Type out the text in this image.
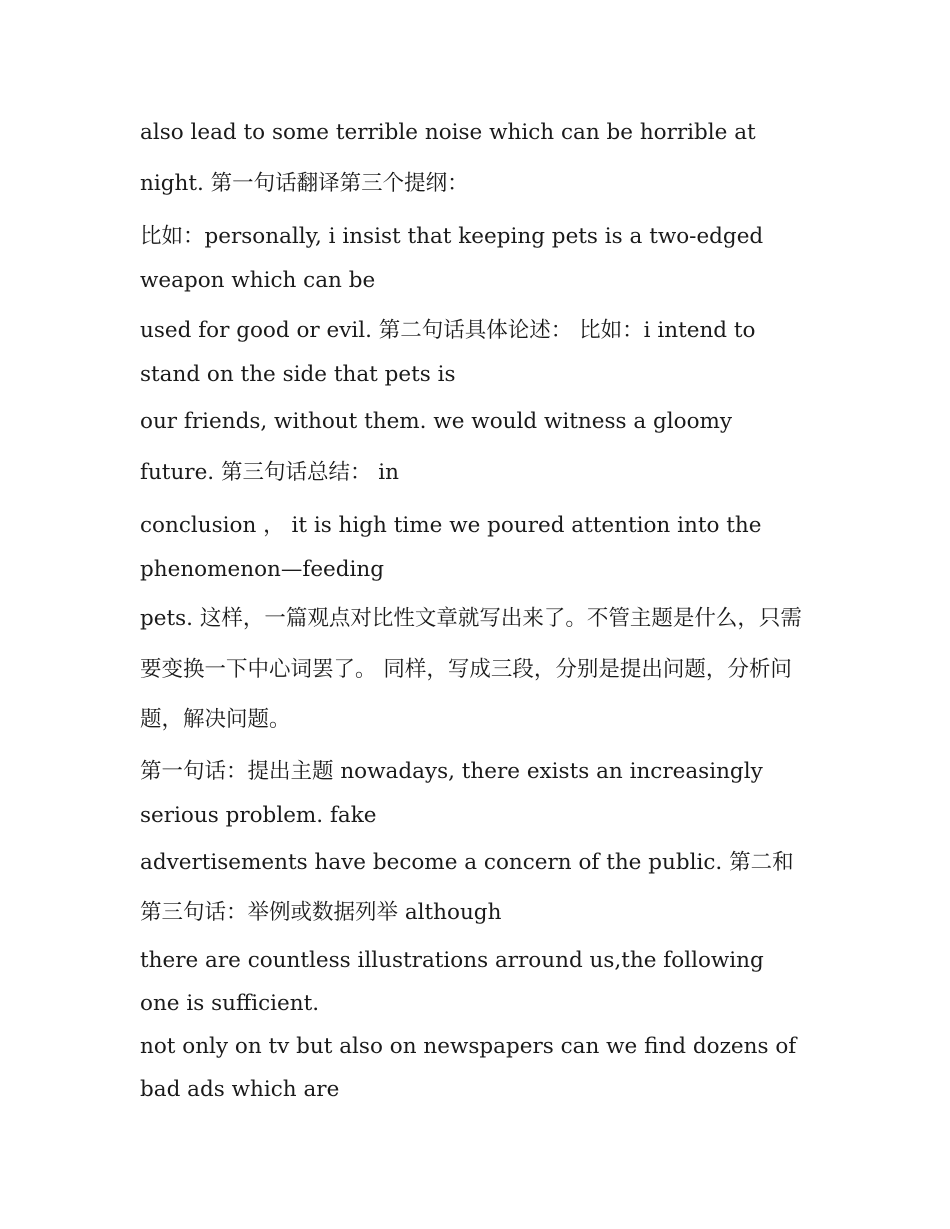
also lead to some terrible noise which can be horrible at night. 第一句话翻译第三个提纲：

比如：personally, i insist that keeping pets is a two-edged weapon which can be

used for good or evil. 第二句话具体论述： 比如：i intend to stand on the side that pets is

our friends, without them. we would witness a gloomy future. 第三句话总结： in

conclusion ， it is high time we poured attention into the phenomenon—feeding

pets. 这样，一篇观点对比性文章就写出来了。不管主题是什么，只需要变换一下中心词罢了。 同样，写成三段，分别是提出问题，分析问题，解决问题。

第一句话：提出主题 nowadays, there exists an increasingly serious problem. fake

advertisements have become a concern of the public. 第二和第三句话：举例或数据列举 although

there are countless illustrations arround us,the following one is sufficient.

not only on tv but also on newspapers can we find dozens of bad ads which are
